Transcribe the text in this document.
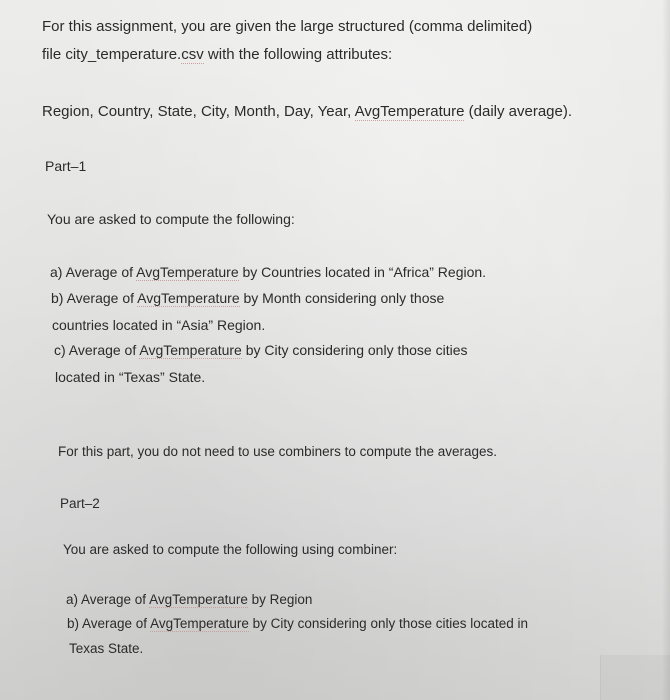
For this assignment, you are given the large structured (comma delimited)
file city_temperature.csv with the following attributes:
Region, Country, State, City, Month, Day, Year, AvgTemperature (daily average).
Part–1
You are asked to compute the following:
a) Average of AvgTemperature by Countries located in “Africa” Region.
b) Average of AvgTemperature by Month considering only those
countries located in “Asia” Region.
c) Average of AvgTemperature by City considering only those cities
located in “Texas” State.
For this part, you do not need to use combiners to compute the averages.
Part–2
You are asked to compute the following using combiner:
a) Average of AvgTemperature by Region
b) Average of AvgTemperature by City considering only those cities located in
Texas State.
